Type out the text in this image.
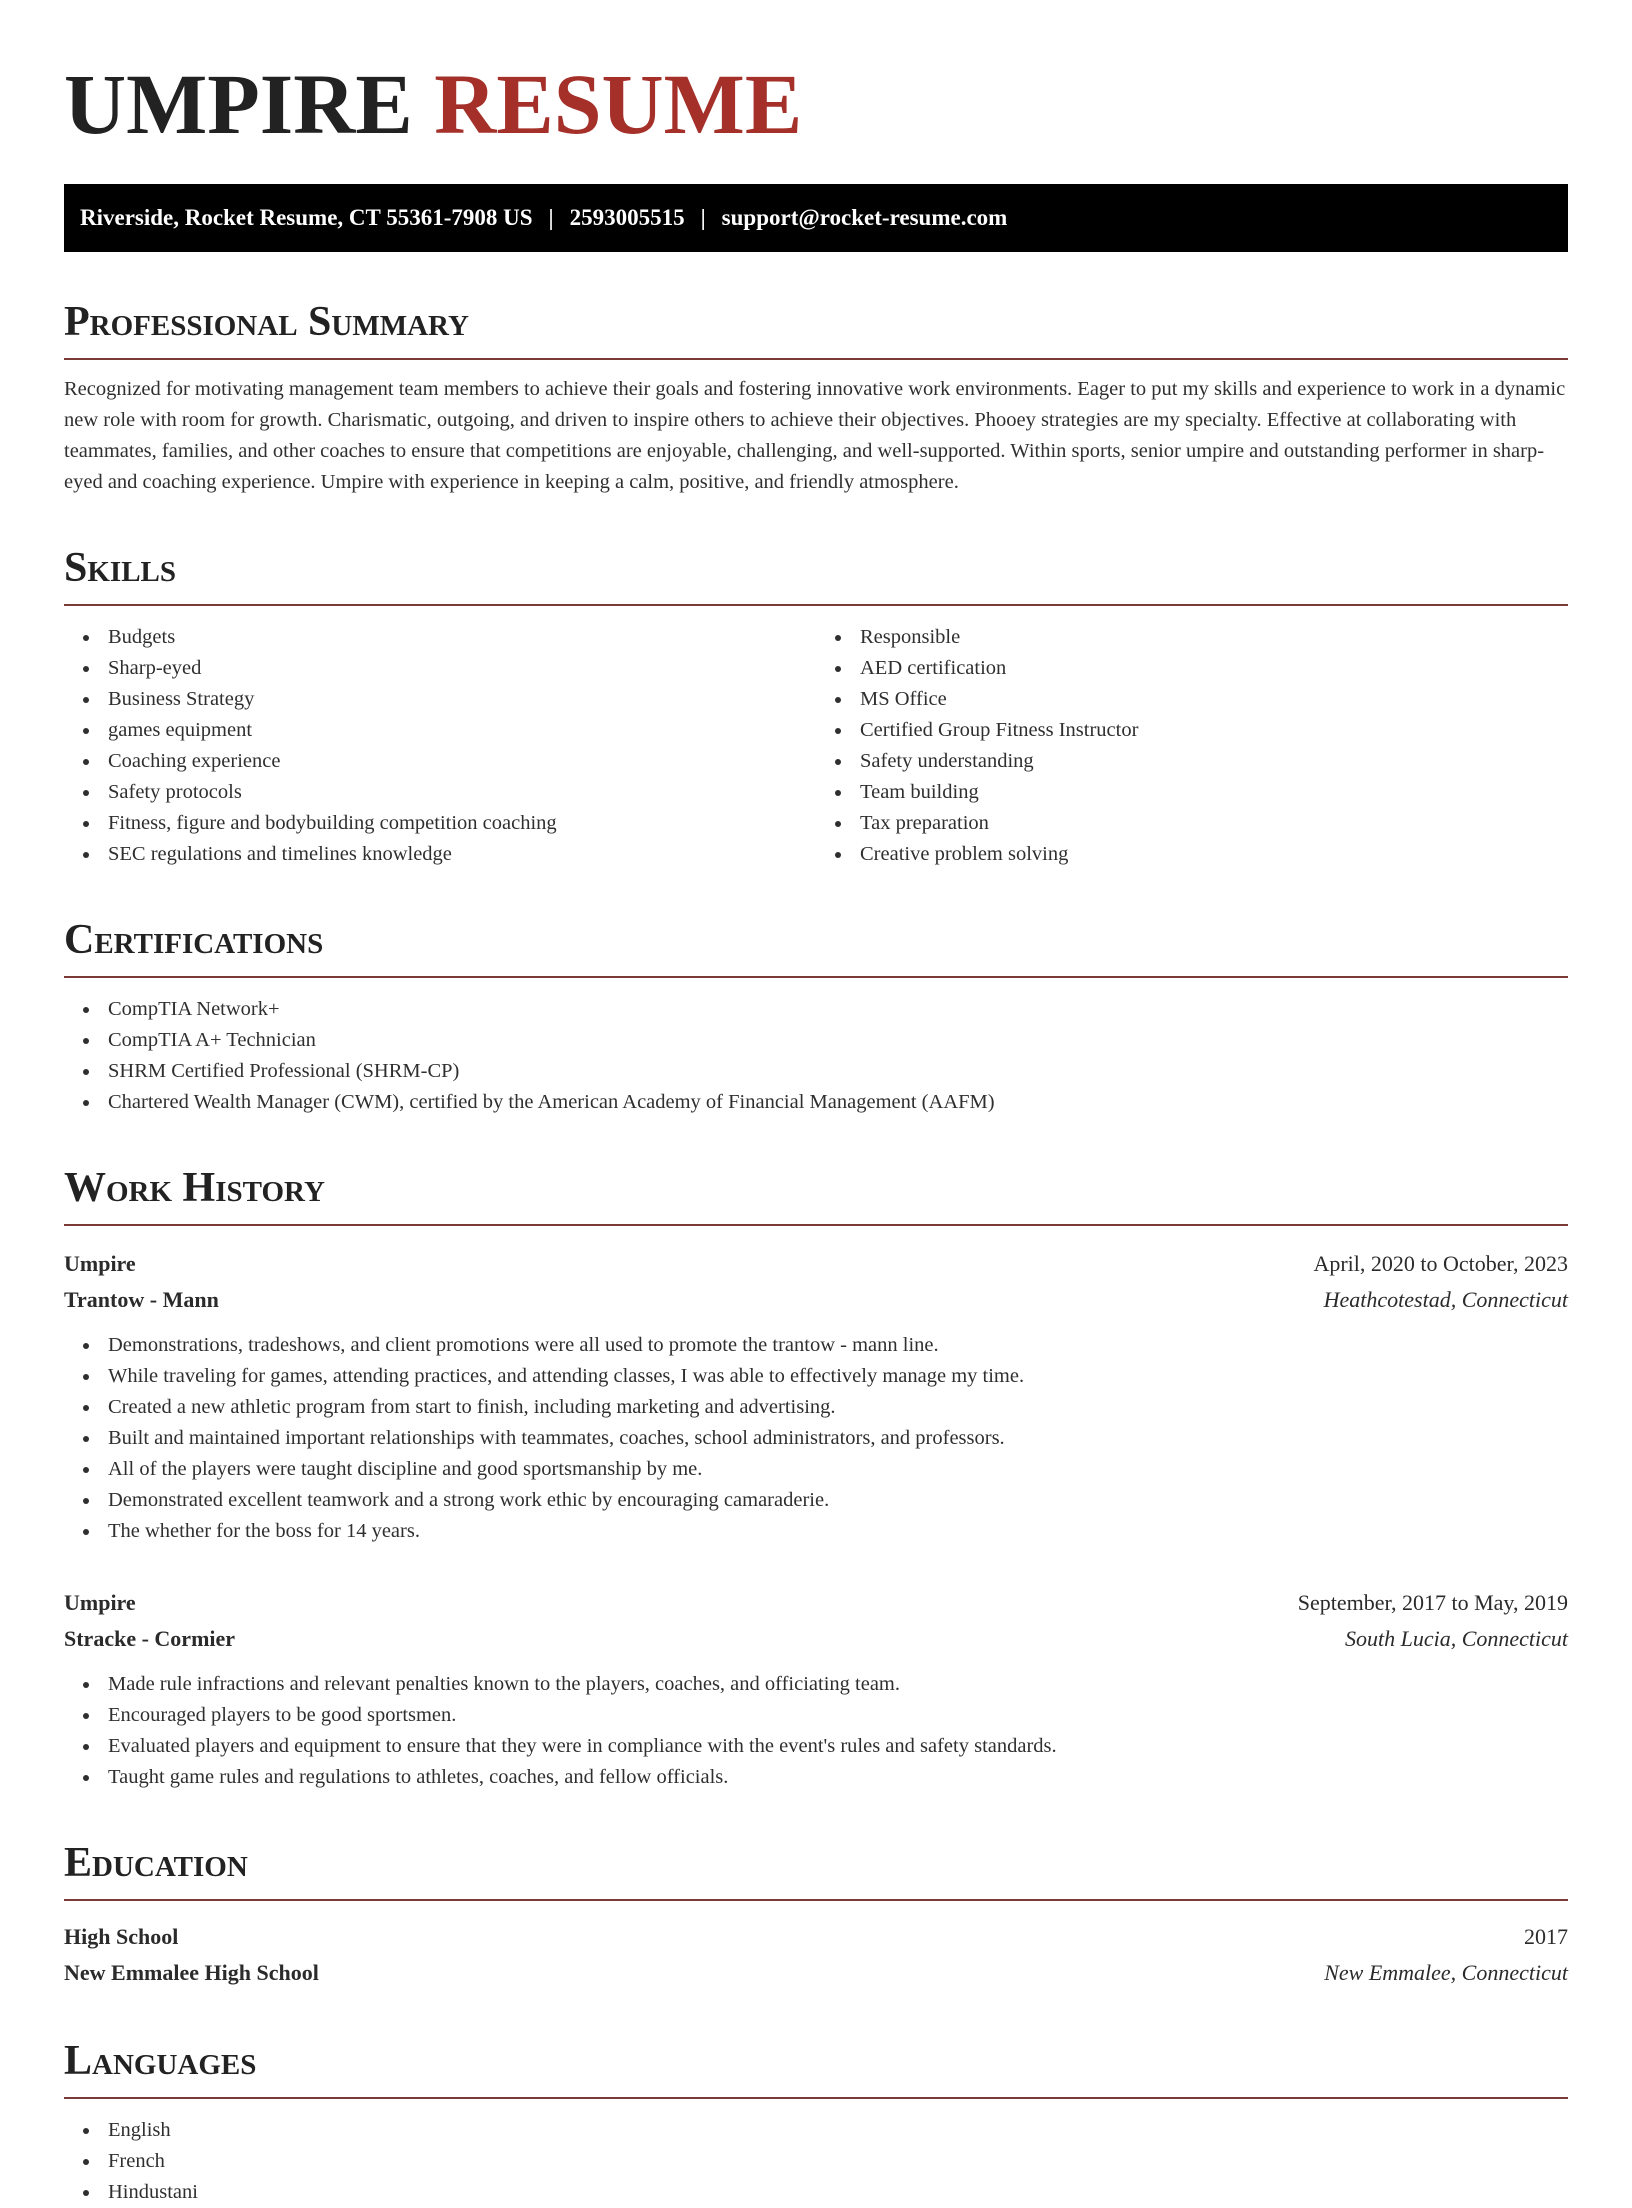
UMPIRE RESUME
Riverside, Rocket Resume, CT 55361-7908 US | 2593005515 | support@rocket-resume.com
Professional Summary

Recognized for motivating management team members to achieve their goals and fostering innovative work environments. Eager to put my skills and experience to work in a dynamic new role with room for growth. Charismatic, outgoing, and driven to inspire others to achieve their objectives. Phooey strategies are my specialty. Effective at collaborating with teammates, families, and other coaches to ensure that competitions are enjoyable, challenging, and well-supported. Within sports, senior umpire and outstanding performer in sharp-eyed and coaching experience. Umpire with experience in keeping a calm, positive, and friendly atmosphere.

Skills
Budgets
Sharp-eyed
Business Strategy
games equipment
Coaching experience
Safety protocols
Fitness, figure and bodybuilding competition coaching
SEC regulations and timelines knowledge
Responsible
AED certification
MS Office
Certified Group Fitness Instructor
Safety understanding
Team building
Tax preparation
Creative problem solving
Certifications
CompTIA Network+
CompTIA A+ Technician
SHRM Certified Professional (SHRM-CP)
Chartered Wealth Manager (CWM), certified by the American Academy of Financial Management (AAFM)
Work History
Umpire	April, 2020 to October, 2023
Trantow - Mann	Heathcotestad, Connecticut
Demonstrations, tradeshows, and client promotions were all used to promote the trantow - mann line.
While traveling for games, attending practices, and attending classes, I was able to effectively manage my time.
Created a new athletic program from start to finish, including marketing and advertising.
Built and maintained important relationships with teammates, coaches, school administrators, and professors.
All of the players were taught discipline and good sportsmanship by me.
Demonstrated excellent teamwork and a strong work ethic by encouraging camaraderie.
The whether for the boss for 14 years.
Umpire	September, 2017 to May, 2019
Stracke - Cormier	South Lucia, Connecticut
Made rule infractions and relevant penalties known to the players, coaches, and officiating team.
Encouraged players to be good sportsmen.
Evaluated players and equipment to ensure that they were in compliance with the event's rules and safety standards.
Taught game rules and regulations to athletes, coaches, and fellow officials.
Education
High School	2017
New Emmalee High School	New Emmalee, Connecticut
Languages
English
French
Hindustani
